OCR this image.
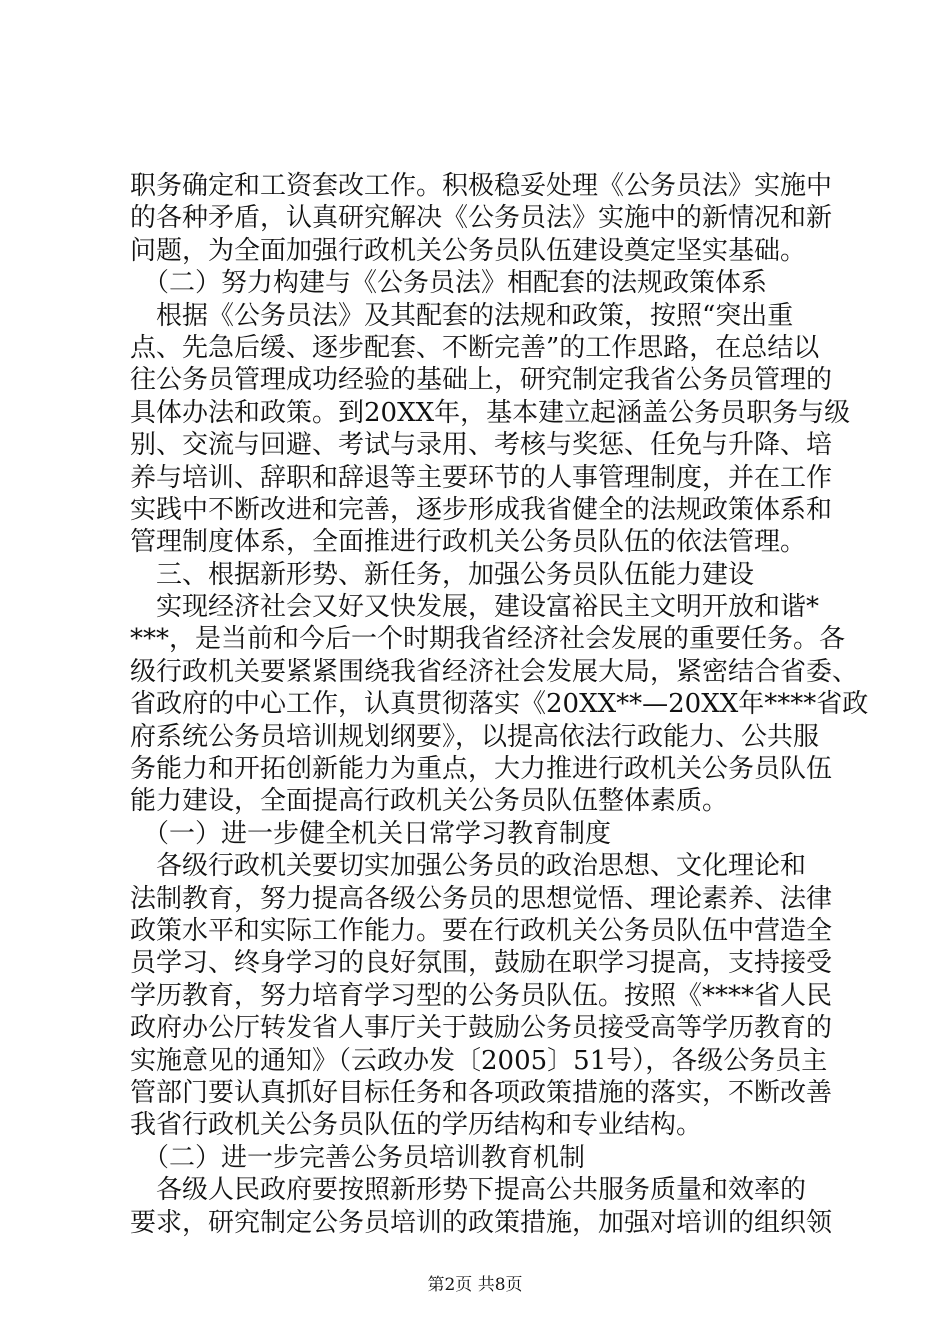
职务确定和工资套改工作。积极稳妥处理《公务员法》实施中
的各种矛盾，认真研究解决《公务员法》实施中的新情况和新
问题，为全面加强行政机关公务员队伍建设奠定坚实基础。
　（二）努力构建与《公务员法》相配套的法规政策体系
　根据《公务员法》及其配套的法规和政策，按照“突出重
点、先急后缓、逐步配套、不断完善”的工作思路，在总结以
往公务员管理成功经验的基础上，研究制定我省公务员管理的
具体办法和政策。到20XX年，基本建立起涵盖公务员职务与级
别、交流与回避、考试与录用、考核与奖惩、任免与升降、培
养与培训、辞职和辞退等主要环节的人事管理制度，并在工作
实践中不断改进和完善，逐步形成我省健全的法规政策体系和
管理制度体系，全面推进行政机关公务员队伍的依法管理。
　三、根据新形势、新任务，加强公务员队伍能力建设
　实现经济社会又好又快发展，建设富裕民主文明开放和谐*
***，是当前和今后一个时期我省经济社会发展的重要任务。各
级行政机关要紧紧围绕我省经济社会发展大局，紧密结合省委、
省政府的中心工作，认真贯彻落实《20XX**—20XX年****省政
府系统公务员培训规划纲要》，以提高依法行政能力、公共服
务能力和开拓创新能力为重点，大力推进行政机关公务员队伍
能力建设，全面提高行政机关公务员队伍整体素质。
　（一）进一步健全机关日常学习教育制度
　各级行政机关要切实加强公务员的政治思想、文化理论和
法制教育，努力提高各级公务员的思想觉悟、理论素养、法律
政策水平和实际工作能力。要在行政机关公务员队伍中营造全
员学习、终身学习的良好氛围，鼓励在职学习提高，支持接受
学历教育，努力培育学习型的公务员队伍。按照《****省人民
政府办公厅转发省人事厅关于鼓励公务员接受高等学历教育的
实施意见的通知》（云政办发〔2005〕51号），各级公务员主
管部门要认真抓好目标任务和各项政策措施的落实，不断改善
我省行政机关公务员队伍的学历结构和专业结构。
　（二）进一步完善公务员培训教育机制
　各级人民政府要按照新形势下提高公共服务质量和效率的
要求，研究制定公务员培训的政策措施，加强对培训的组织领
第2页 共8页
